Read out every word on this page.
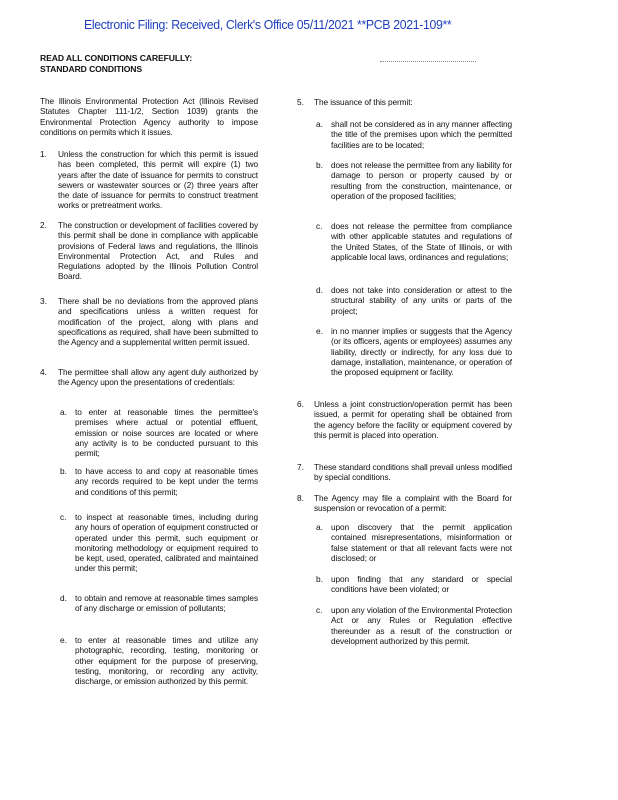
Electronic Filing: Received, Clerk's Office 05/11/2021 **PCB 2021-109**
READ ALL CONDITIONS CAREFULLY:
STANDARD CONDITIONS
The Illinois Environmental Protection Act (Illinois Revised Statutes Chapter 111-1/2, Section 1039) grants the Environmental Protection Agency authority to impose conditions on permits which it issues.
1. Unless the construction for which this permit is issued has been completed, this permit will expire (1) two years after the date of issuance for permits to construct sewers or wastewater sources or (2) three years after the date of issuance for permits to construct treatment works or pretreatment works.
2. The construction or development of facilities covered by this permit shall be done in compliance with applicable provisions of Federal laws and regulations, the Illinois Environmental Protection Act, and Rules and Regulations adopted by the Illinois Pollution Control Board.
3. There shall be no deviations from the approved plans and specifications unless a written request for modification of the project, along with plans and specifications as required, shall have been submitted to the Agency and a supplemental written permit issued.
4. The permittee shall allow any agent duly authorized by the Agency upon the presentations of credentials:
a. to enter at reasonable times the permittee's premises where actual or potential effluent, emission or noise sources are located or where any activity is to be conducted pursuant to this permit;
b. to have access to and copy at reasonable times any records required to be kept under the terms and conditions of this permit;
c. to inspect at reasonable times, including during any hours of operation of equipment constructed or operated under this permit, such equipment or monitoring methodology or equipment required to be kept, used, operated, calibrated and maintained under this permit;
d. to obtain and remove at reasonable times samples of any discharge or emission of pollutants;
e. to enter at reasonable times and utilize any photographic, recording, testing, monitoring or other equipment for the purpose of preserving, testing, monitoring, or recording any activity, discharge, or emission authorized by this permit.
5. The issuance of this permit:
a. shall not be considered as in any manner affecting the title of the premises upon which the permitted facilities are to be located;
b. does not release the permittee from any liability for damage to person or property caused by or resulting from the construction, maintenance, or operation of the proposed facilities;
c. does not release the permittee from compliance with other applicable statutes and regulations of the United States, of the State of Illinois, or with applicable local laws, ordinances and regulations;
d. does not take into consideration or attest to the structural stability of any units or parts of the project;
e. in no manner implies or suggests that the Agency (or its officers, agents or employees) assumes any liability, directly or indirectly, for any loss due to damage, installation, maintenance, or operation of the proposed equipment or facility.
6. Unless a joint construction/operation permit has been issued, a permit for operating shall be obtained from the agency before the facility or equipment covered by this permit is placed into operation.
7. These standard conditions shall prevail unless modified by special conditions.
8. The Agency may file a complaint with the Board for suspension or revocation of a permit:
a. upon discovery that the permit application contained misrepresentations, misinformation or false statement or that all relevant facts were not disclosed; or
b. upon finding that any standard or special conditions have been violated; or
c. upon any violation of the Environmental Protection Act or any Rules or Regulation effective thereunder as a result of the construction or development authorized by this permit.
